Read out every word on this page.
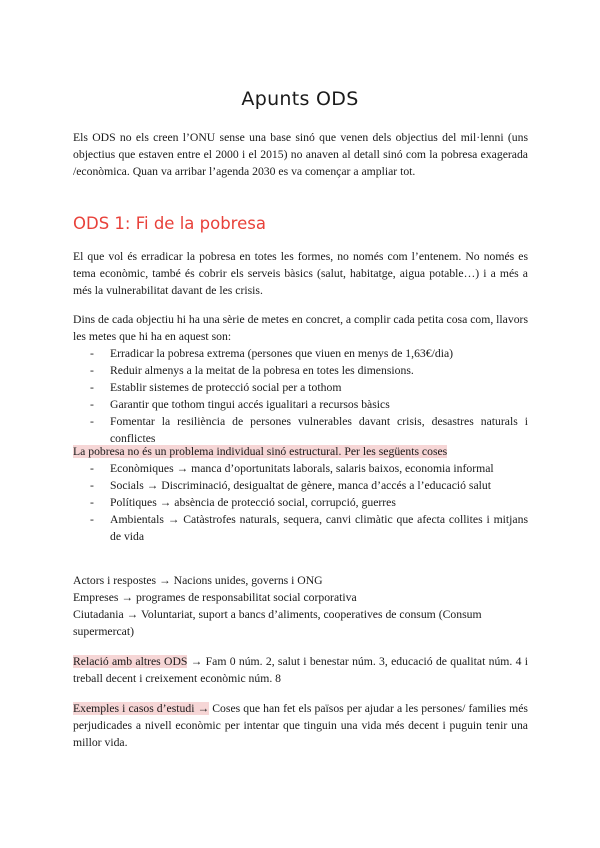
Apunts ODS

Els ODS no els creen l’ONU sense una base sinó que venen dels objectius del mil·lenni (uns objectius que estaven entre el 2000 i el 2015) no anaven al detall sinó com la pobresa exagerada /econòmica. Quan va arribar l’agenda 2030 es va començar a ampliar tot.

ODS 1: Fi de la pobresa

El que vol és erradicar la pobresa en totes les formes, no només com l’entenem. No només es tema econòmic, també és cobrir els serveis bàsics (salut, habitatge, aigua potable…) i a més a més la vulnerabilitat davant de les crisis.

Dins de cada objectiu hi ha una sèrie de metes en concret, a complir cada petita cosa com, llavors les metes que hi ha en aquest son:

- Erradicar la pobresa extrema (persones que viuen en menys de 1,63€/dia)
- Reduir almenys a la meitat de la pobresa en totes les dimensions.
- Establir sistemes de protecció social per a tothom
- Garantir que tothom tingui accés igualitari a recursos bàsics
- Fomentar la resiliència de persones vulnerables davant crisis, desastres naturals i conflictes

La pobresa no és un problema individual sinó estructural. Per les següents coses

- Econòmiques → manca d’oportunitats laborals, salaris baixos, economia informal
- Socials → Discriminació, desigualtat de gènere, manca d’accés a l’educació salut
- Polítiques → absència de protecció social, corrupció, guerres
- Ambientals → Catàstrofes naturals, sequera, canvi climàtic que afecta collites i mitjans de vida

Actors i respostes → Nacions unides, governs i ONG

Empreses → programes de responsabilitat social corporativa

Ciutadania → Voluntariat, suport a bancs d’aliments, cooperatives de consum (Consum supermercat)

Relació amb altres ODS → Fam 0 núm. 2, salut i benestar núm. 3, educació de qualitat núm. 4 i treball decent i creixement econòmic núm. 8

Exemples i casos d’estudi → Coses que han fet els països per ajudar a les persones/ families més perjudicades a nivell econòmic per intentar que tinguin una vida més decent i puguin tenir una millor vida.
